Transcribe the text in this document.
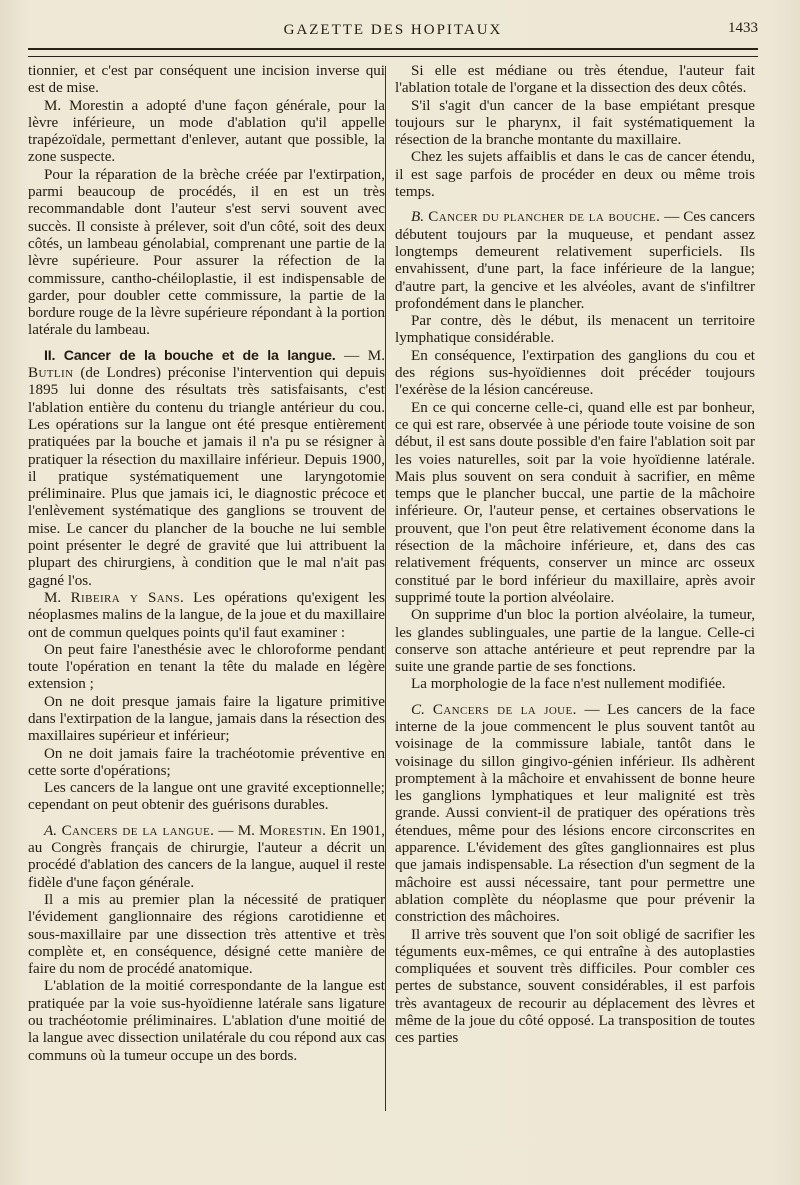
GAZETTE DES HOPITAUX	1433

tionnier, et c'est par conséquent une incision inverse qui est de mise.

M. Morestin a adopté d'une façon générale, pour la lèvre inférieure, un mode d'ablation qu'il appelle trapézoïdale, permettant d'enlever, autant que possible, la zone suspecte.

Pour la réparation de la brèche créée par l'extirpation, parmi beaucoup de procédés, il en est un très recommandable dont l'auteur s'est servi souvent avec succès. Il consiste à prélever, soit d'un côté, soit des deux côtés, un lambeau génolabial, comprenant une partie de la lèvre supérieure. Pour assurer la réfection de la commissure, cantho-chéiloplastie, il est indispensable de garder, pour doubler cette commissure, la partie de la bordure rouge de la lèvre supérieure répondant à la portion latérale du lambeau.

II. Cancer de la bouche et de la langue. — M. Butlin (de Londres) préconise l'intervention qui depuis 1895 lui donne des résultats très satisfaisants, c'est l'ablation entière du contenu du triangle antérieur du cou. Les opérations sur la langue ont été presque entièrement pratiquées par la bouche et jamais il n'a pu se résigner à pratiquer la résection du maxillaire inférieur. Depuis 1900, il pratique systématiquement une laryngotomie préliminaire. Plus que jamais ici, le diagnostic précoce et l'enlèvement systématique des ganglions se trouvent de mise. Le cancer du plancher de la bouche ne lui semble point présenter le degré de gravité que lui attribuent la plupart des chirurgiens, à condition que le mal n'ait pas gagné l'os.

M. Ribeira y Sans. Les opérations qu'exigent les néoplasmes malins de la langue, de la joue et du maxillaire ont de commun quelques points qu'il faut examiner :

On peut faire l'anesthésie avec le chloroforme pendant toute l'opération en tenant la tête du malade en légère extension ;

On ne doit presque jamais faire la ligature primitive dans l'extirpation de la langue, jamais dans la résection des maxillaires supérieur et inférieur;

On ne doit jamais faire la trachéotomie préventive en cette sorte d'opérations;

Les cancers de la langue ont une gravité exceptionnelle; cependant on peut obtenir des guérisons durables.

A. Cancers de la langue. — M. Morestin. En 1901, au Congrès français de chirurgie, l'auteur a décrit un procédé d'ablation des cancers de la langue, auquel il reste fidèle d'une façon générale.

Il a mis au premier plan la nécessité de pratiquer l'évidement ganglionnaire des régions carotidienne et sous-maxillaire par une dissection très attentive et très complète et, en conséquence, désigné cette manière de faire du nom de procédé anatomique.

L'ablation de la moitié correspondante de la langue est pratiquée par la voie sus-hyoïdienne latérale sans ligature ou trachéotomie préliminaires. L'ablation d'une moitié de la langue avec dissection unilatérale du cou répond aux cas communs où la tumeur occupe un des bords.

Si elle est médiane ou très étendue, l'auteur fait l'ablation totale de l'organe et la dissection des deux côtés.

S'il s'agit d'un cancer de la base empiétant presque toujours sur le pharynx, il fait systématiquement la résection de la branche montante du maxillaire.

Chez les sujets affaiblis et dans le cas de cancer étendu, il est sage parfois de procéder en deux ou même trois temps.

B. Cancer du plancher de la bouche. — Ces cancers débutent toujours par la muqueuse, et pendant assez longtemps demeurent relativement superficiels. Ils envahissent, d'une part, la face inférieure de la langue; d'autre part, la gencive et les alvéoles, avant de s'infiltrer profondément dans le plancher.

Par contre, dès le début, ils menacent un territoire lymphatique considérable.

En conséquence, l'extirpation des ganglions du cou et des régions sus-hyoïdiennes doit précéder toujours l'exérèse de la lésion cancéreuse.

En ce qui concerne celle-ci, quand elle est par bonheur, ce qui est rare, observée à une période toute voisine de son début, il est sans doute possible d'en faire l'ablation soit par les voies naturelles, soit par la voie hyoïdienne latérale. Mais plus souvent on sera conduit à sacrifier, en même temps que le plancher buccal, une partie de la mâchoire inférieure. Or, l'auteur pense, et certaines observations le prouvent, que l'on peut être relativement économe dans la résection de la mâchoire inférieure, et, dans des cas relativement fréquents, conserver un mince arc osseux constitué par le bord inférieur du maxillaire, après avoir supprimé toute la portion alvéolaire.

On supprime d'un bloc la portion alvéolaire, la tumeur, les glandes sublinguales, une partie de la langue. Celle-ci conserve son attache antérieure et peut reprendre par la suite une grande partie de ses fonctions.

La morphologie de la face n'est nullement modifiée.

C. Cancers de la joue. — Les cancers de la face interne de la joue commencent le plus souvent tantôt au voisinage de la commissure labiale, tantôt dans le voisinage du sillon gingivo-génien inférieur. Ils adhèrent promptement à la mâchoire et envahissent de bonne heure les ganglions lymphatiques et leur malignité est très grande. Aussi convient-il de pratiquer des opérations très étendues, même pour des lésions encore circonscrites en apparence. L'évidement des gîtes ganglionnaires est plus que jamais indispensable. La résection d'un segment de la mâchoire est aussi nécessaire, tant pour permettre une ablation complète du néoplasme que pour prévenir la constriction des mâchoires.

Il arrive très souvent que l'on soit obligé de sacrifier les téguments eux-mêmes, ce qui entraîne à des autoplasties compliquées et souvent très difficiles. Pour combler ces pertes de substance, souvent considérables, il est parfois très avantageux de recourir au déplacement des lèvres et même de la joue du côté opposé. La transposition de toutes ces parties
